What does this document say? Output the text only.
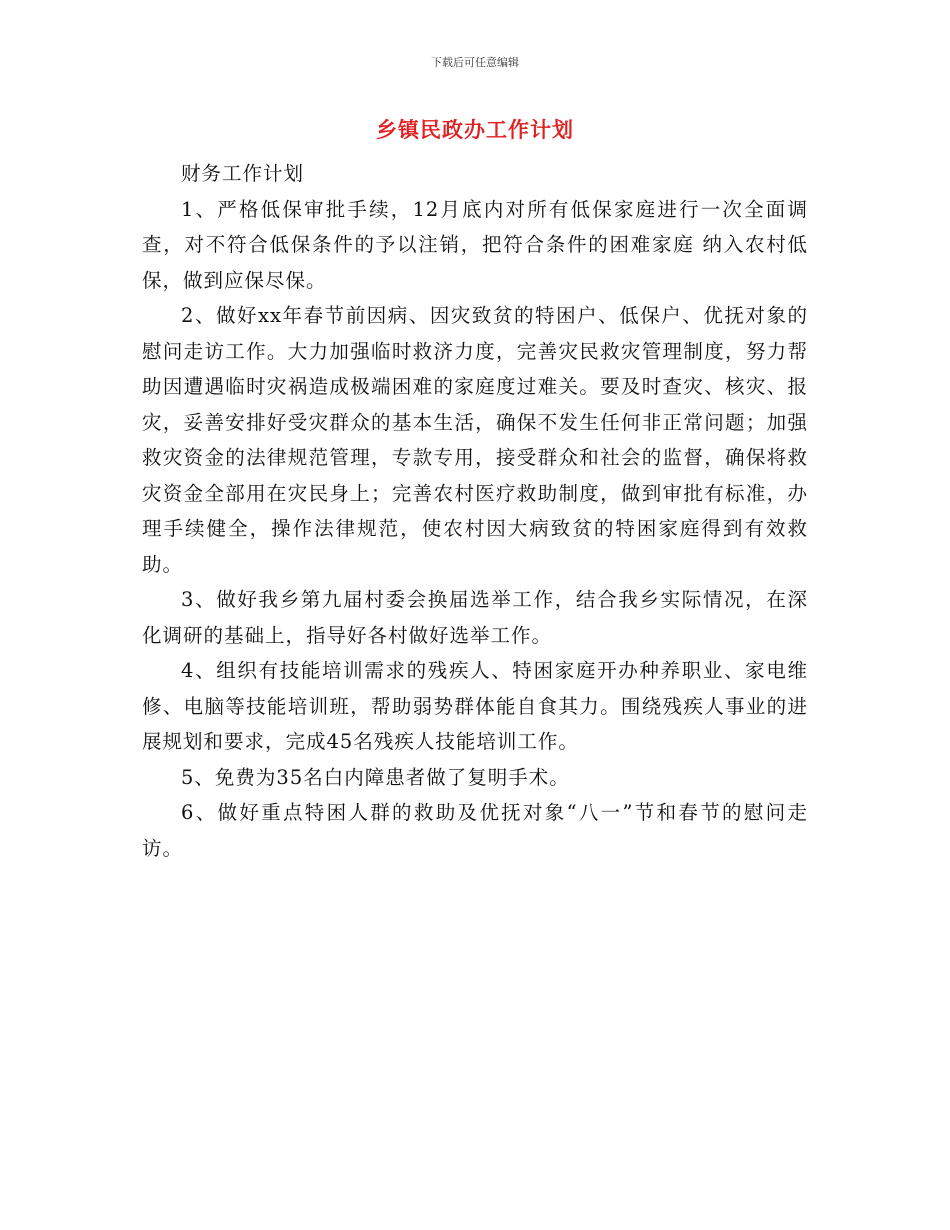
下载后可任意编辑
乡镇民政办工作计划

财务工作计划

1、严格低保审批手续，12月底内对所有低保家庭进行一次全面调查，对不符合低保条件的予以注销，把符合条件的困难家庭 纳入农村低保，做到应保尽保。

2、做好xx年春节前因病、因灾致贫的特困户、低保户、优抚对象的慰问走访工作。大力加强临时救济力度，完善灾民救灾管理制度，努力帮助因遭遇临时灾祸造成极端困难的家庭度过难关。要及时查灾、核灾、报灾，妥善安排好受灾群众的基本生活，确保不发生任何非正常问题；加强救灾资金的法律规范管理，专款专用，接受群众和社会的监督，确保将救灾资金全部用在灾民身上；完善农村医疗救助制度，做到审批有标准，办理手续健全，操作法律规范，使农村因大病致贫的特困家庭得到有效救助。

3、做好我乡第九届村委会换届选举工作，结合我乡实际情况，在深化调研的基础上，指导好各村做好选举工作。

4、组织有技能培训需求的残疾人、特困家庭开办种养职业、家电维修、电脑等技能培训班，帮助弱势群体能自食其力。围绕残疾人事业的进展规划和要求，完成45名残疾人技能培训工作。

5、免费为35名白内障患者做了复明手术。

6、做好重点特困人群的救助及优抚对象“八一”节和春节的慰问走访。
